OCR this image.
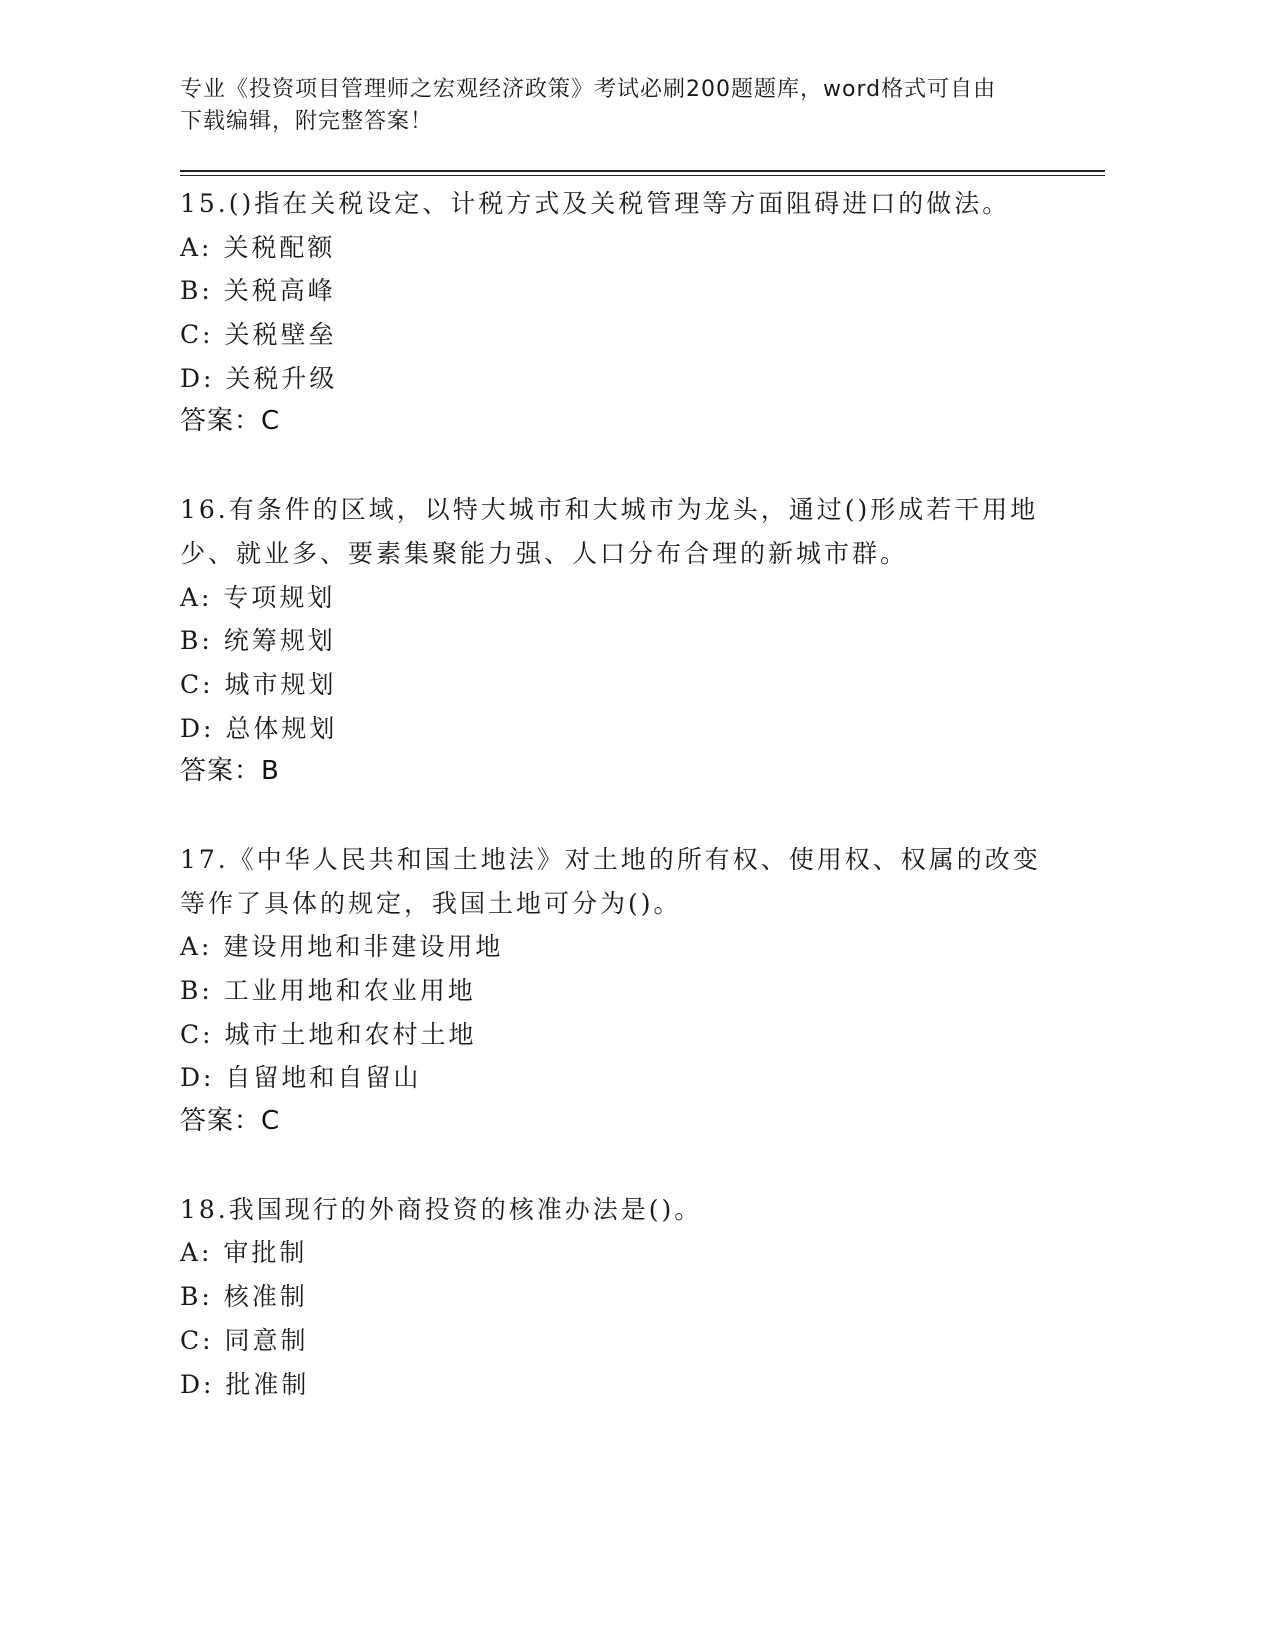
专业《投资项目管理师之宏观经济政策》考试必刷200题题库，word格式可自由
下载编辑，附完整答案！
15.()指在关税设定、计税方式及关税管理等方面阻碍进口的做法。
A: 关税配额
B: 关税高峰
C: 关税壁垒
D: 关税升级
答案：C
16.有条件的区域，以特大城市和大城市为龙头，通过()形成若干用地
少、就业多、要素集聚能力强、人口分布合理的新城市群。
A: 专项规划
B: 统筹规划
C: 城市规划
D: 总体规划
答案：B
17.《中华人民共和国土地法》对土地的所有权、使用权、权属的改变
等作了具体的规定，我国土地可分为()。
A: 建设用地和非建设用地
B: 工业用地和农业用地
C: 城市土地和农村土地
D: 自留地和自留山
答案：C
18.我国现行的外商投资的核准办法是()。
A: 审批制
B: 核准制
C: 同意制
D: 批准制
